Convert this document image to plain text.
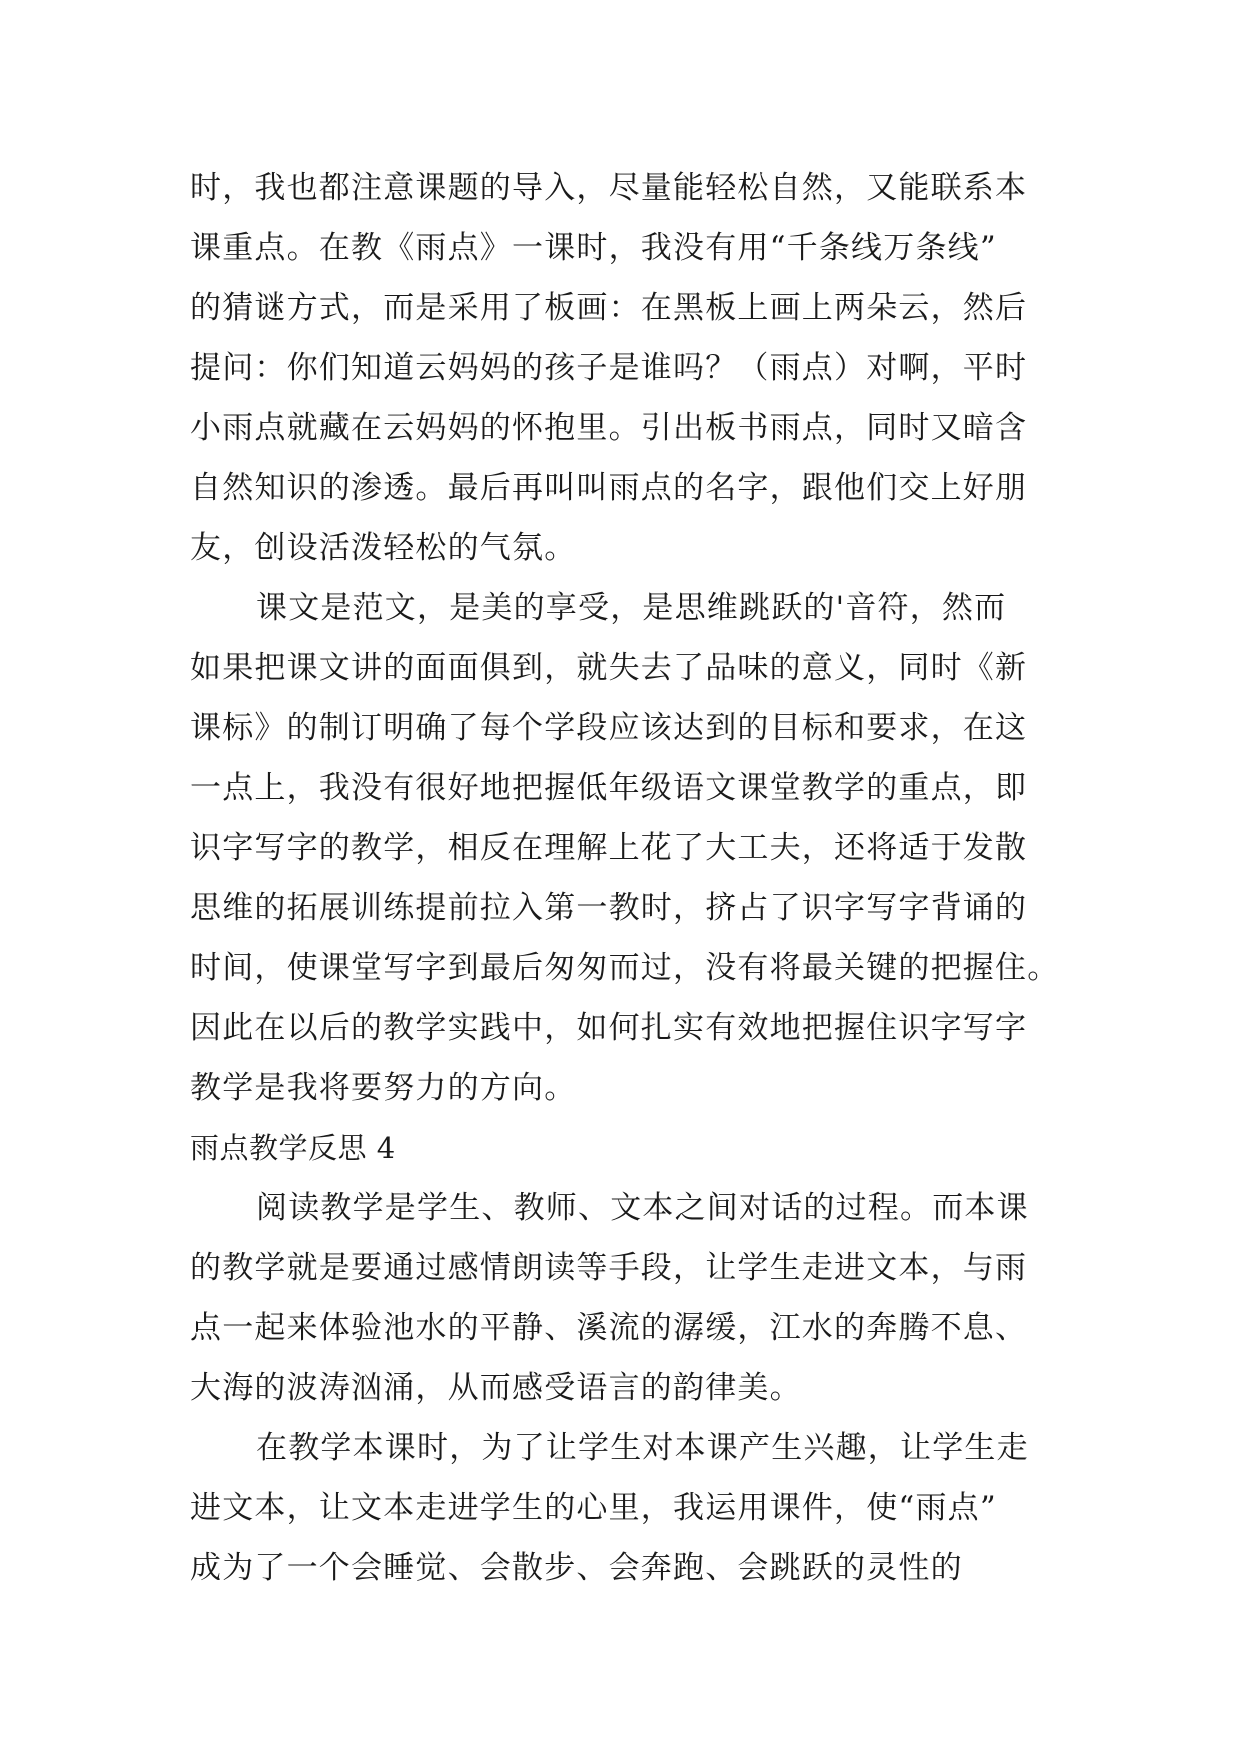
时，我也都注意课题的导入，尽量能轻松自然，又能联系本
课重点。在教《雨点》一课时，我没有用“千条线万条线”
的猜谜方式，而是采用了板画：在黑板上画上两朵云，然后
提问：你们知道云妈妈的孩子是谁吗？（雨点）对啊，平时
小雨点就藏在云妈妈的怀抱里。引出板书雨点，同时又暗含
自然知识的渗透。最后再叫叫雨点的名字，跟他们交上好朋
友，创设活泼轻松的气氛。
课文是范文，是美的享受，是思维跳跃的'音符，然而
如果把课文讲的面面俱到，就失去了品味的意义，同时《新
课标》的制订明确了每个学段应该达到的目标和要求，在这
一点上，我没有很好地把握低年级语文课堂教学的重点，即
识字写字的教学，相反在理解上花了大工夫，还将适于发散
思维的拓展训练提前拉入第一教时，挤占了识字写字背诵的
时间，使课堂写字到最后匆匆而过，没有将最关键的把握住。
因此在以后的教学实践中，如何扎实有效地把握住识字写字
教学是我将要努力的方向。
雨点教学反思 4
阅读教学是学生、教师、文本之间对话的过程。而本课
的教学就是要通过感情朗读等手段，让学生走进文本，与雨
点一起来体验池水的平静、溪流的潺缓，江水的奔腾不息、
大海的波涛汹涌，从而感受语言的韵律美。
在教学本课时，为了让学生对本课产生兴趣，让学生走
进文本，让文本走进学生的心里，我运用课件，使“雨点”
成为了一个会睡觉、会散步、会奔跑、会跳跃的灵性的
